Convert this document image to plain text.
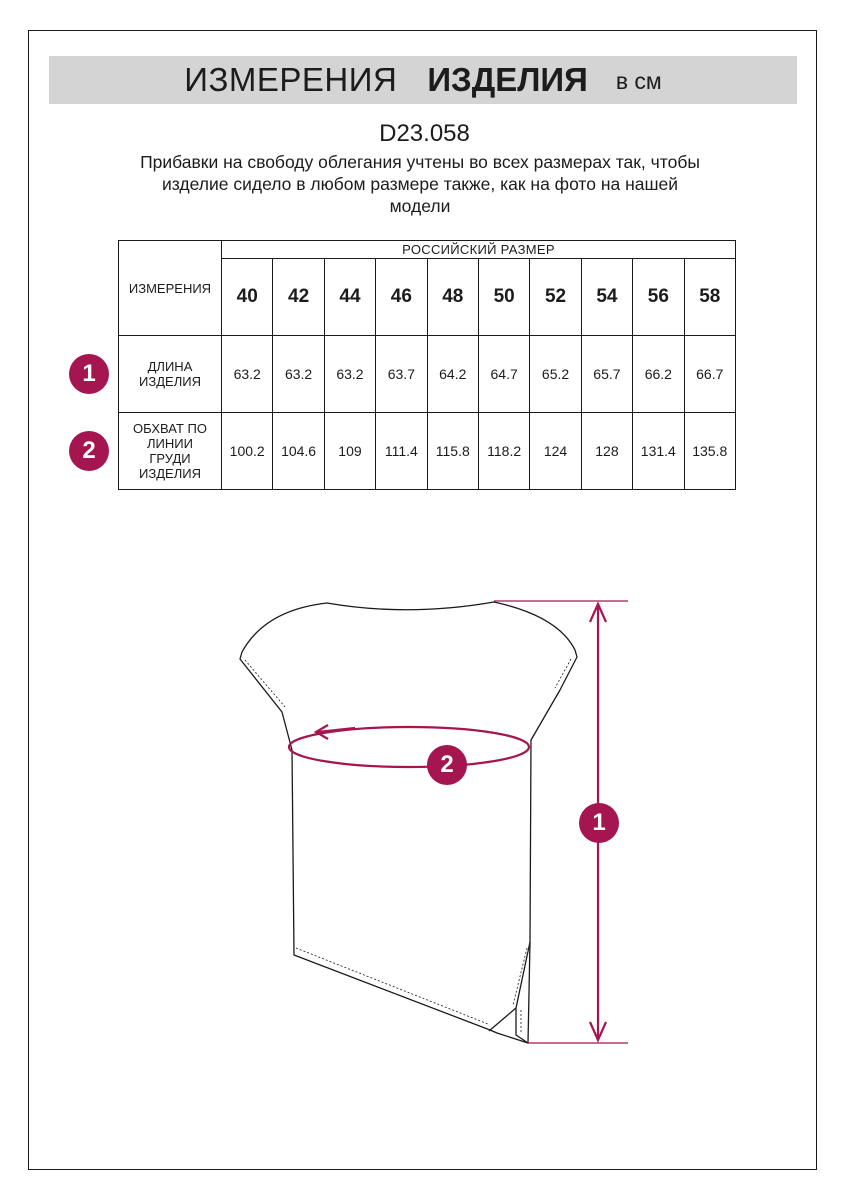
ИЗМЕРЕНИЯ ИЗДЕЛИЯ в см
D23.058
Прибавки на свободу облегания учтены во всех размерах так, чтобы
изделие сидело в любом размере также, как на фото на нашей
модели
ИЗМЕРЕНИЯ	РОССИЙСКИЙ РАЗМЕР									
	40	42	44	46	48	50	52	54	56	58

ДЛИНА
ИЗДЕЛИЯ	63.2	63.2	63.2	63.7	64.2	64.7	65.2	65.7	66.2	66.7

ОБХВАТ ПО
ЛИНИИ
ГРУДИ
ИЗДЕЛИЯ	100.2	104.6	109	111.4	115.8	118.2	124	128	131.4	135.8
1
2
2
1
